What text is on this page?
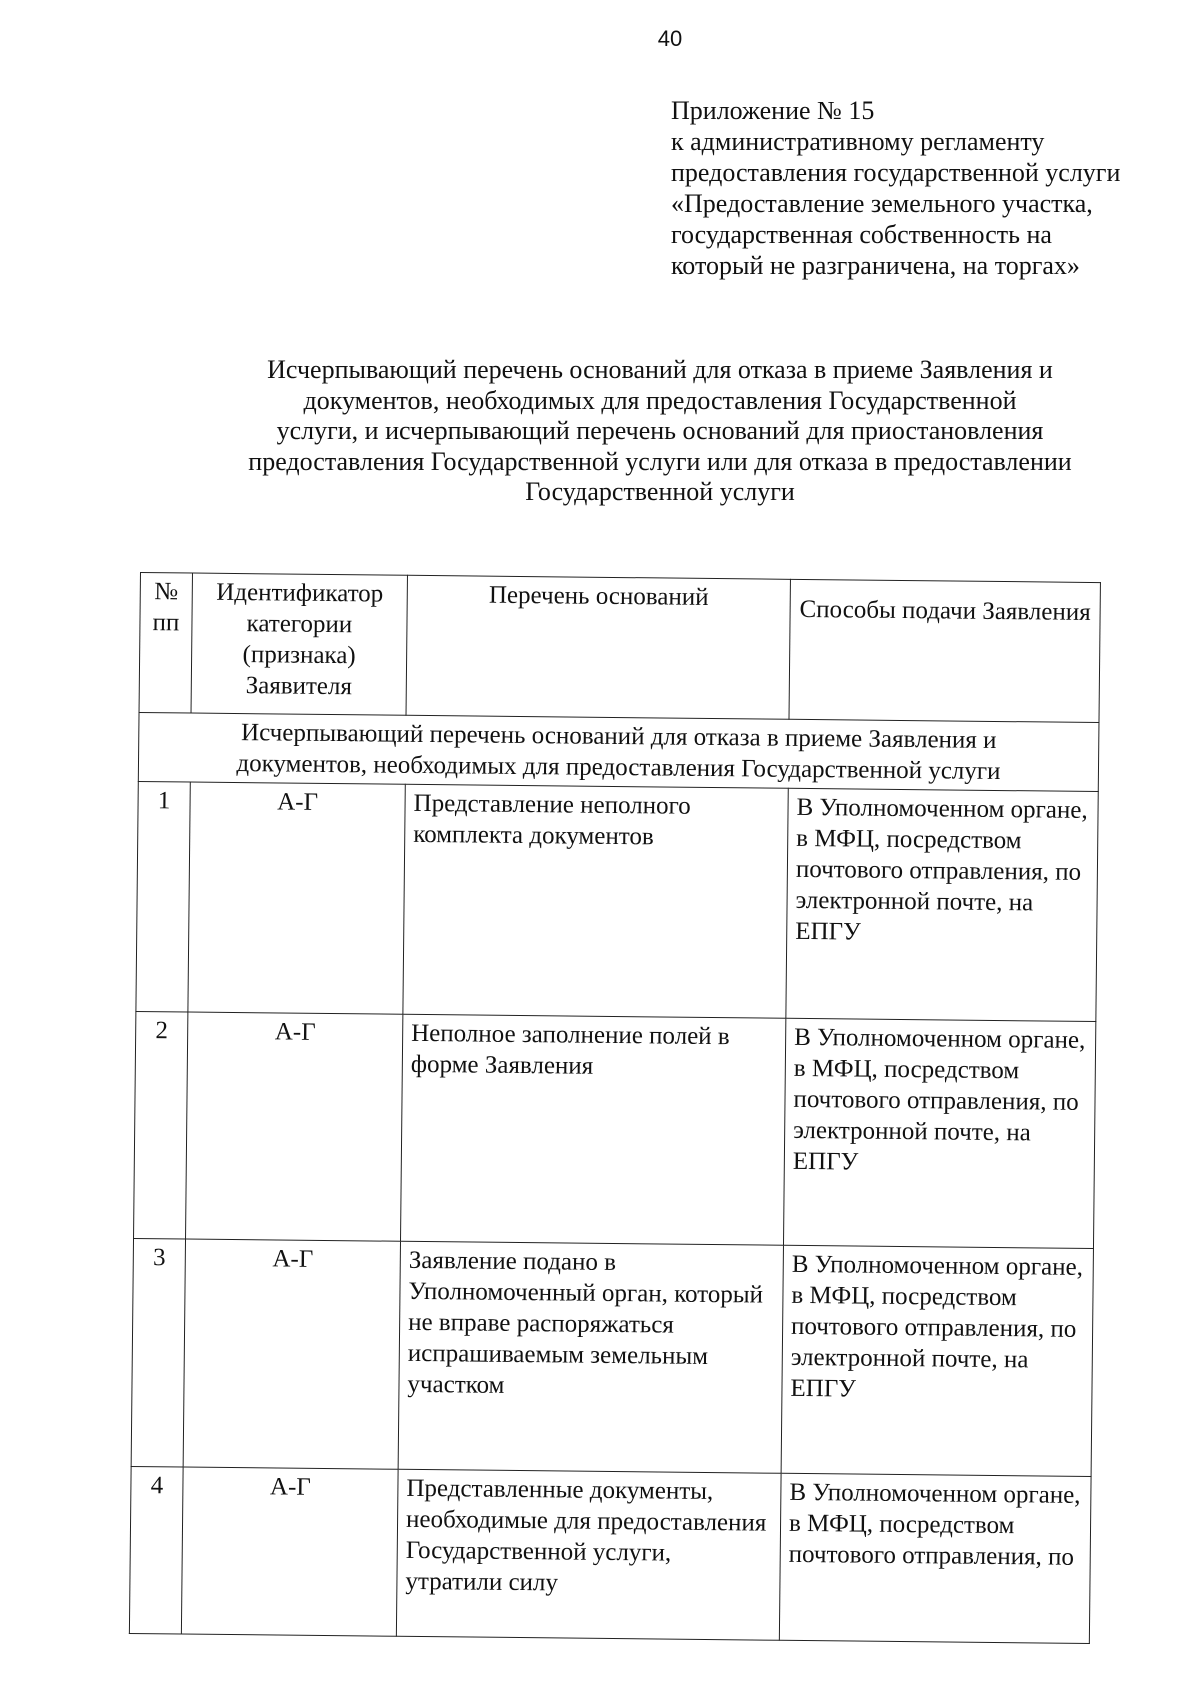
40
Приложение № 15
к административному регламенту
предоставления государственной услуги
«Предоставление земельного участка,
государственная собственность на
который не разграничена, на торгах»
Исчерпывающий перечень оснований для отказа в приеме Заявления и
документов, необходимых для предоставления Государственной
услуги, и исчерпывающий перечень оснований для приостановления
предоставления Государственной услуги или для отказа в предоставлении
Государственной услуги
№ пп	Идентификатор категории (признака) Заявителя	Перечень оснований	Способы подачи Заявления

Исчерпывающий перечень оснований для отказа в приеме Заявления и
документов, необходимых для предоставления Государственной услуги			

1	А-Г	Представление неполного комплекта документов	В Уполномоченном органе, в МФЦ, посредством почтового отправления, по электронной почте, на ЕПГУ
2	А-Г	Неполное заполнение полей в форме Заявления	В Уполномоченном органе, в МФЦ, посредством почтового отправления, по электронной почте, на ЕПГУ
3	А-Г	Заявление подано в Уполномоченный орган, который не вправе распоряжаться испрашиваемым земельным участком	В Уполномоченном органе, в МФЦ, посредством почтового отправления, по электронной почте, на ЕПГУ
4	А-Г	Представленные документы, необходимые для предоставления Государственной услуги, утратили силу	В Уполномоченном органе, в МФЦ, посредством почтового отправления, по
